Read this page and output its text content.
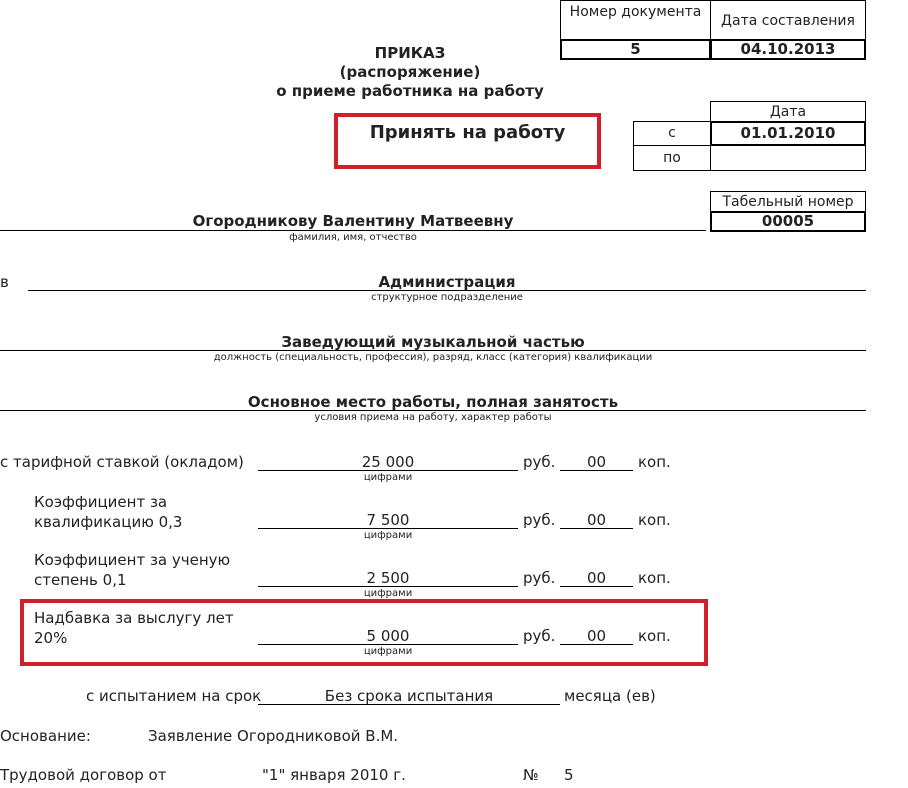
Номер документа
Дата составления
5	04.10.2013
ПРИКАЗ
(распоряжение)
о приеме работника на работу
Принять на работу
Дата
с	01.01.2010
по
Табельный номер
00005
Огородникову Валентину Матвеевну
фамилия, имя, отчество
в	Администрация
структурное подразделение
Заведующий музыкальной частью
должность (специальность, профессия), разряд, класс (категория) квалификации
Основное место работы, полная занятость
условия приема на работу, характер работы
с тарифной ставкой (окладом)	25 000
цифрами
руб.	00	коп.
Коэффициент за квалификацию 0,3	7 500
цифрами
руб.	00	коп.
Коэффициент за ученую степень 0,1	2 500
цифрами
руб.	00	коп.
Надбавка за выслугу лет 20%	5 000
цифрами
руб.	00	коп.
с испытанием на срок	Без срока испытания	месяца (ев)
Основание:	Заявление Огородниковой В.М.
Трудовой договор от	"1" января 2010 г.	№ 5
